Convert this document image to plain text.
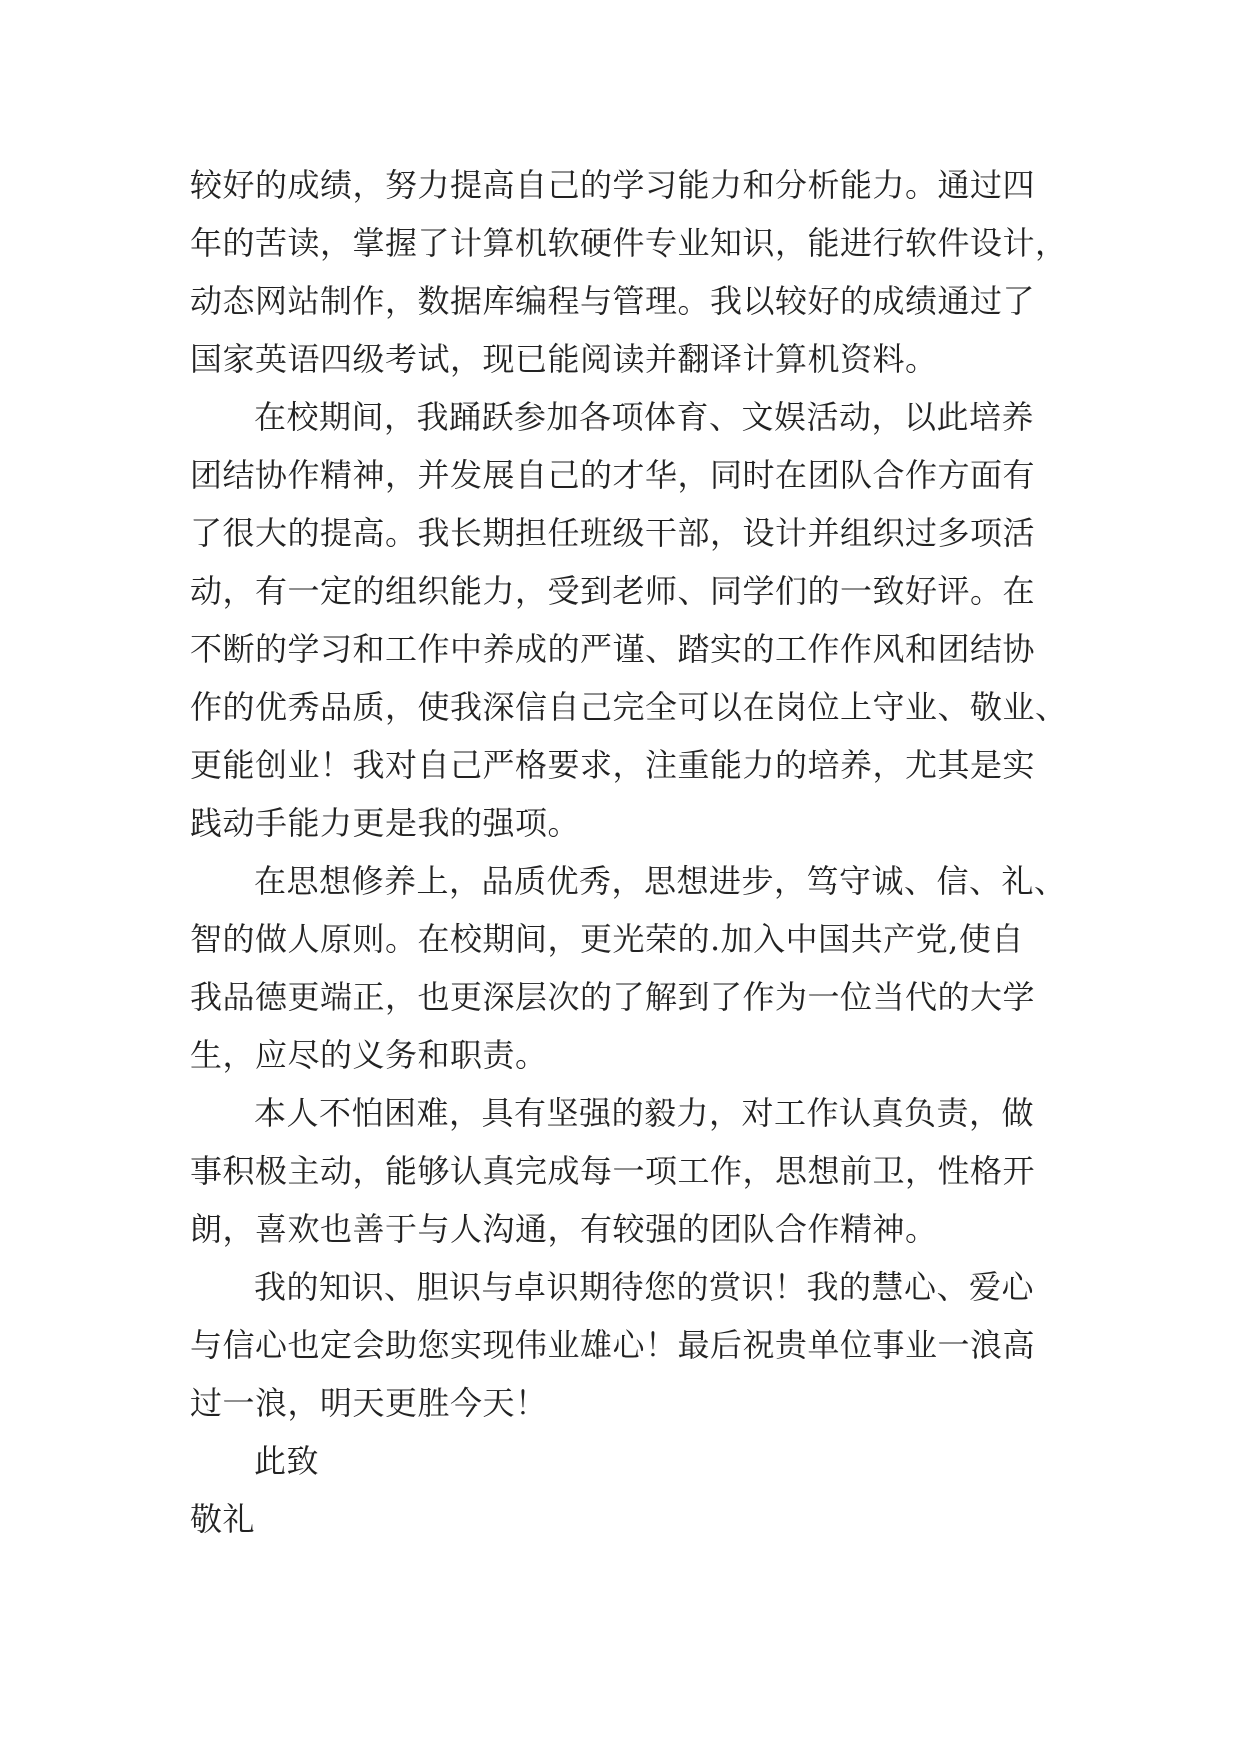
较好的成绩，努力提高自己的学习能力和分析能力。通过四
年的苦读，掌握了计算机软硬件专业知识，能进行软件设计，
动态网站制作，数据库编程与管理。我以较好的成绩通过了
国家英语四级考试，现已能阅读并翻译计算机资料。
在校期间，我踊跃参加各项体育、文娱活动，以此培养
团结协作精神，并发展自己的才华，同时在团队合作方面有
了很大的提高。我长期担任班级干部，设计并组织过多项活
动，有一定的组织能力，受到老师、同学们的一致好评。在
不断的学习和工作中养成的严谨、踏实的工作作风和团结协
作的优秀品质，使我深信自己完全可以在岗位上守业、敬业、
更能创业！我对自己严格要求，注重能力的培养，尤其是实
践动手能力更是我的强项。
在思想修养上，品质优秀，思想进步，笃守诚、信、礼、
智的做人原则。在校期间，更光荣的.加入中国共产党,使自
我品德更端正，也更深层次的了解到了作为一位当代的大学
生，应尽的义务和职责。
本人不怕困难，具有坚强的毅力，对工作认真负责，做
事积极主动，能够认真完成每一项工作，思想前卫，性格开
朗，喜欢也善于与人沟通，有较强的团队合作精神。
我的知识、胆识与卓识期待您的赏识！我的慧心、爱心
与信心也定会助您实现伟业雄心！最后祝贵单位事业一浪高
过一浪，明天更胜今天！
此致
敬礼
